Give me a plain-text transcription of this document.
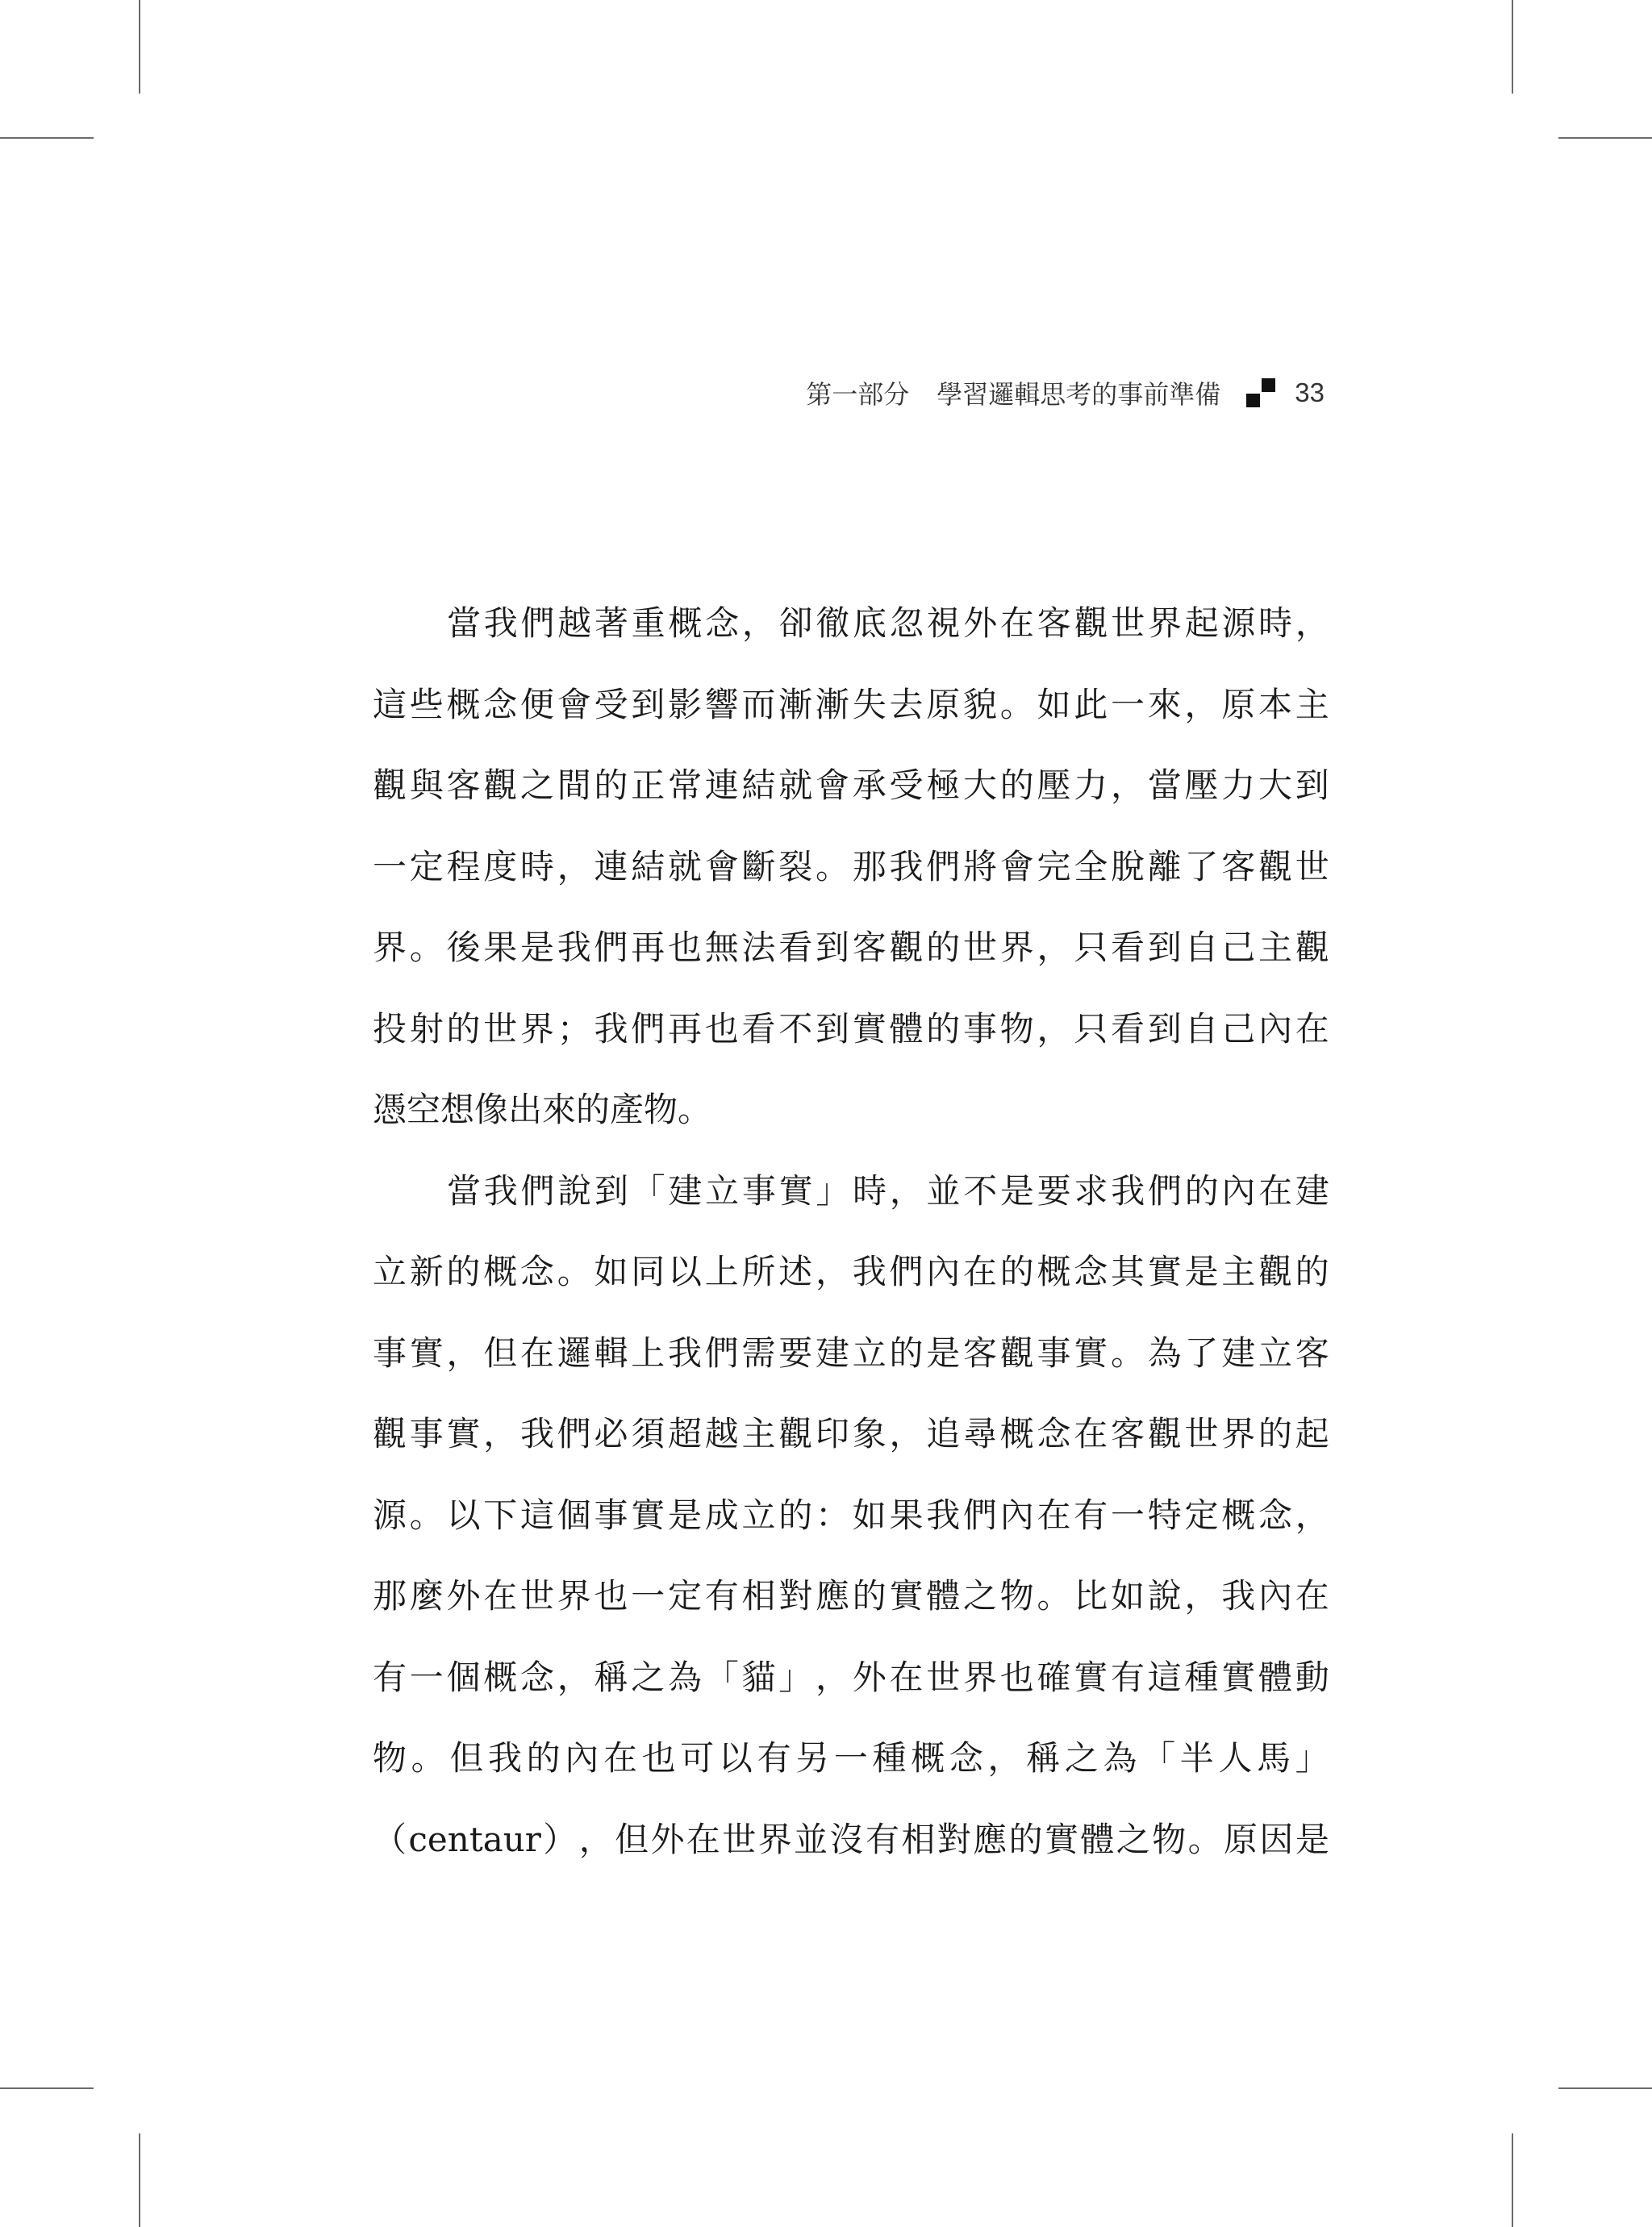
第一部分 學習邏輯思考的事前準備	33
當 我 們 越 著 重 概 念 ， 卻 徹 底 忽 視 外 在 客 觀 世 界 起 源 時 ，
這 些 概 念 便 會 受 到 影 響 而 漸 漸 失 去 原 貌 。 如 此 一 來 ， 原 本 主
觀 與 客 觀 之 間 的 正 常 連 結 就 會 承 受 極 大 的 壓 力 ， 當 壓 力 大 到
一 定 程 度 時 ， 連 結 就 會 斷 裂 。 那 我 們 將 會 完 全 脫 離 了 客 觀 世
界 。 後 果 是 我 們 再 也 無 法 看 到 客 觀 的 世 界 ， 只 看 到 自 己 主 觀
投 射 的 世 界 ； 我 們 再 也 看 不 到 實 體 的 事 物 ， 只 看 到 自 己 內 在
憑空想像出來的產物。
當 我 們 說 到 「 建 立 事 實 」 時 ， 並 不 是 要 求 我 們 的 內 在 建
立 新 的 概 念 。 如 同 以 上 所 述 ， 我 們 內 在 的 概 念 其 實 是 主 觀 的
事 實 ， 但 在 邏 輯 上 我 們 需 要 建 立 的 是 客 觀 事 實 。 為 了 建 立 客
觀 事 實 ， 我 們 必 須 超 越 主 觀 印 象 ， 追 尋 概 念 在 客 觀 世 界 的 起
源 。 以 下 這 個 事 實 是 成 立 的 ： 如 果 我 們 內 在 有 一 特 定 概 念 ，
那 麼 外 在 世 界 也 一 定 有 相 對 應 的 實 體 之 物 。 比 如 說 ， 我 內 在
有 一 個 概 念 ， 稱 之 為 「 貓 」 ， 外 在 世 界 也 確 實 有 這 種 實 體 動
物 。 但 我 的 內 在 也 可 以 有 另 一 種 概 念 ， 稱 之 為 「 半 人 馬 」
（ centaur ） ， 但 外 在 世 界 並 沒 有 相 對 應 的 實 體 之 物 。 原 因 是
